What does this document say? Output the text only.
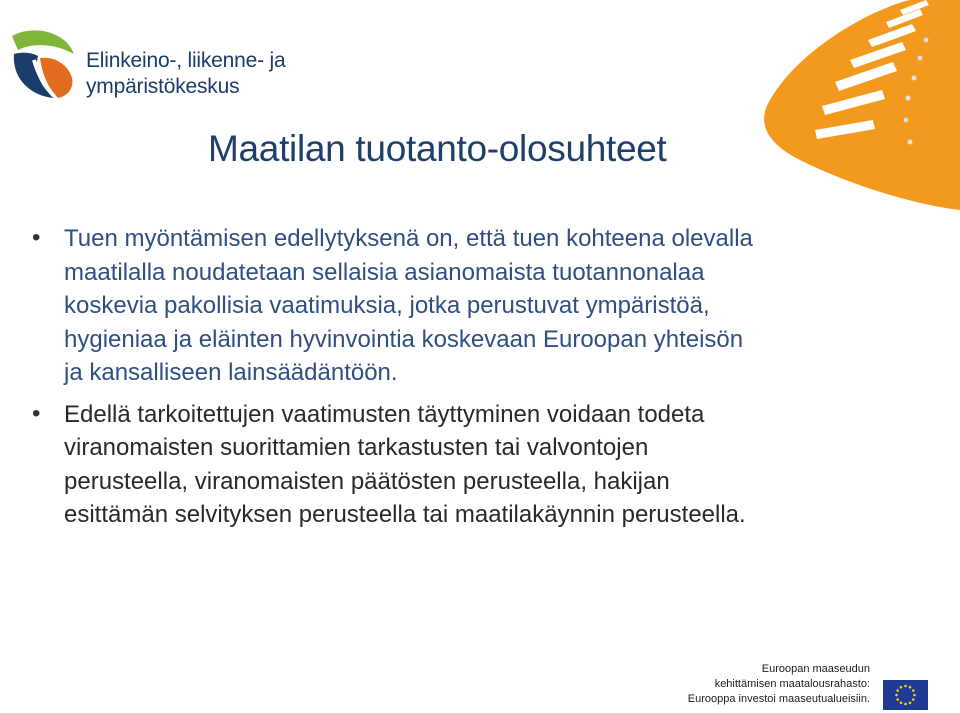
Elinkeino-, liikenne- ja
ympäristökeskus
Maatilan tuotanto-olosuhteet
• Tuen myöntämisen edellytyksenä on, että tuen kohteena olevalla maatilalla noudatetaan sellaisia asianomaista tuotannonalaa koskevia pakollisia vaatimuksia, jotka perustuvat ympäristöä, hygieniaa ja eläinten hyvinvointia koskevaan Euroopan yhteisön ja kansalliseen lainsäädäntöön.
• Edellä tarkoitettujen vaatimusten täyttyminen voidaan todeta viranomaisten suorittamien tarkastusten tai valvontojen perusteella, viranomaisten päätösten perusteella, hakijan esittämän selvityksen perusteella tai maatilakäynnin perusteella.
Euroopan maaseudun
kehittämisen maatalousrahasto:
Eurooppa investoi maaseutualueisiin.
